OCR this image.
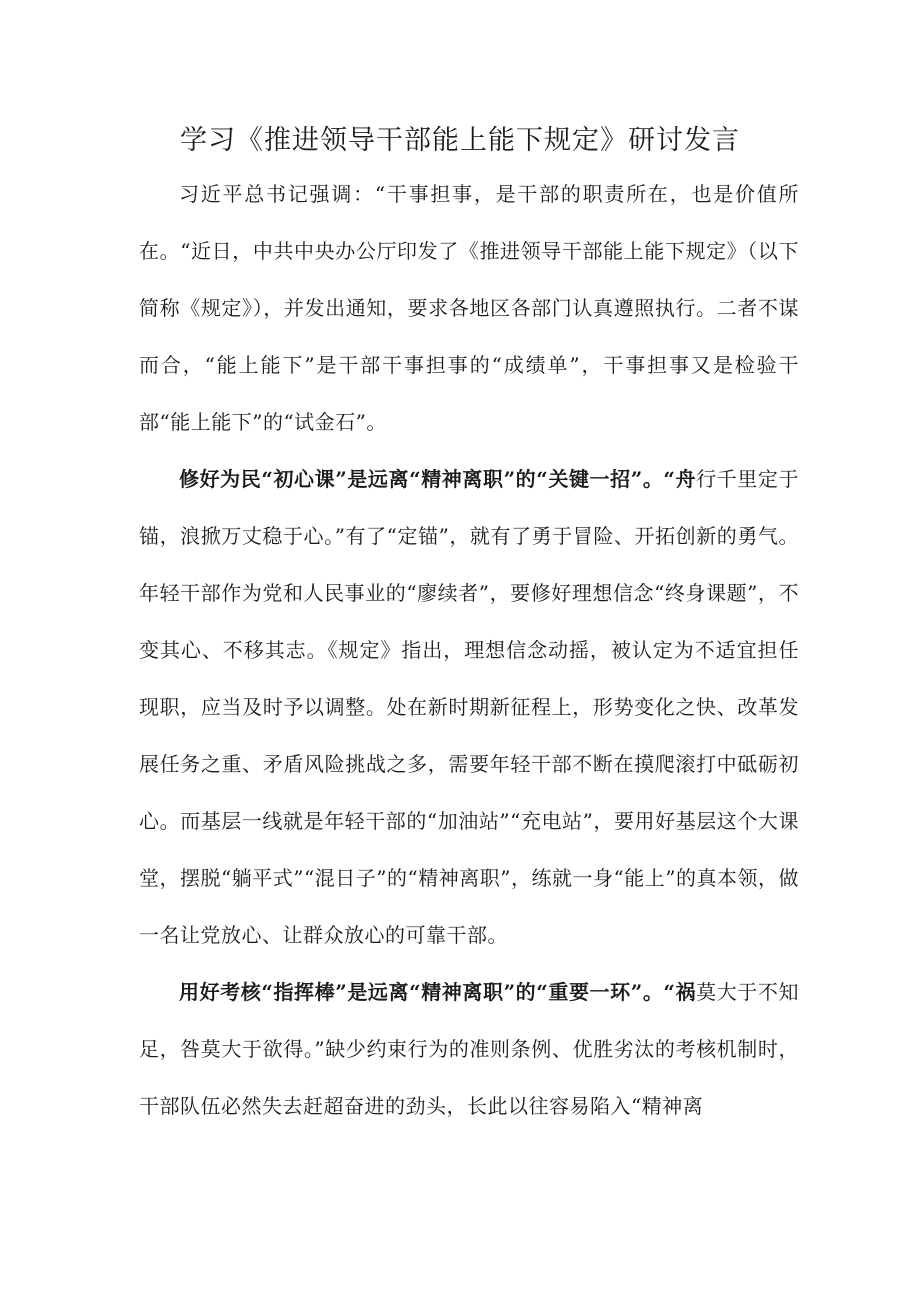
学习《推进领导干部能上能下规定》研讨发言

习近平总书记强调：“干事担事，是干部的职责所在，也是价值所在。“近日，中共中央办公厅印发了《推进领导干部能上能下规定》（以下简称《规定》），并发出通知，要求各地区各部门认真遵照执行。二者不谋而合，“能上能下”是干部干事担事的“成绩单”，干事担事又是检验干部“能上能下”的“试金石”。

修好为民“初心课”是远离“精神离职”的“关键一招”。“舟行千里定于锚，浪掀万丈稳于心。”有了“定锚”，就有了勇于冒险、开拓创新的勇气。年轻干部作为党和人民事业的“廖续者”，要修好理想信念“终身课题”，不变其心、不移其志。《规定》指出，理想信念动摇，被认定为不适宜担任现职，应当及时予以调整。处在新时期新征程上，形势变化之快、改革发展任务之重、矛盾风险挑战之多，需要年轻干部不断在摸爬滚打中砥砺初心。而基层一线就是年轻干部的“加油站”“充电站”，要用好基层这个大课堂，摆脱“躺平式”“混日子”的“精神离职”，练就一身“能上”的真本领，做一名让党放心、让群众放心的可靠干部。

用好考核“指挥棒”是远离“精神离职”的“重要一环”。“祸莫大于不知足，咎莫大于欲得。”缺少约束行为的准则条例、优胜劣汰的考核机制时，干部队伍必然失去赶超奋进的劲头，长此以往容易陷入“精神离
